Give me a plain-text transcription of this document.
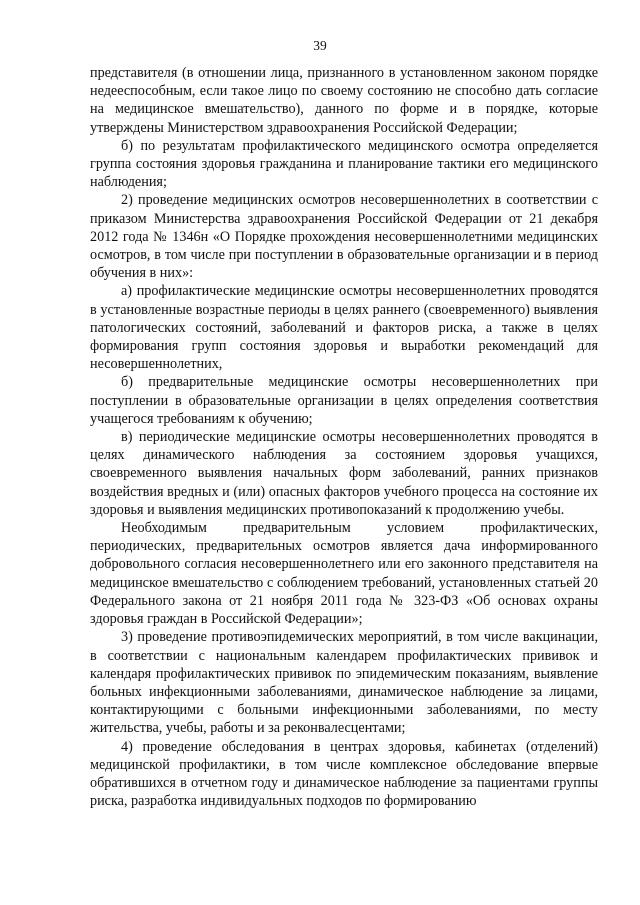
39

представителя (в отношении лица, признанного в установленном законом порядке недееспособным, если такое лицо по своему состоянию не способно дать согласие на медицинское вмешательство), данного по форме и в порядке, которые утверждены Министерством здравоохранения Российской Федерации;

б) по результатам профилактического медицинского осмотра определяется группа состояния здоровья гражданина и планирование тактики его медицинского наблюдения;

2) проведение медицинских осмотров несовершеннолетних в соответствии с приказом Министерства здравоохранения Российской Федерации от 21 декабря 2012 года № 1346н «О Порядке прохождения несовершеннолетними медицинских осмотров, в том числе при поступлении в образовательные организации и в период обучения в них»:

а) профилактические медицинские осмотры несовершеннолетних проводятся в установленные возрастные периоды в целях раннего (своевременного) выявления патологических состояний, заболеваний и факторов риска, а также в целях формирования групп состояния здоровья и выработки рекомендаций для несовершеннолетних,

б) предварительные медицинские осмотры несовершеннолетних при поступлении в образовательные организации в целях определения соответствия учащегося требованиям к обучению;

в) периодические медицинские осмотры несовершеннолетних проводятся в целях динамического наблюдения за состоянием здоровья учащихся, своевременного выявления начальных форм заболеваний, ранних признаков воздействия вредных и (или) опасных факторов учебного процесса на состояние их здоровья и выявления медицинских противопоказаний к продолжению учебы.

Необходимым предварительным условием профилактических, периодических, предварительных осмотров является дача информированного добровольного согласия несовершеннолетнего или его законного представителя на медицинское вмешательство с соблюдением требований, установленных статьей 20 Федерального закона от 21 ноября 2011 года № 323-ФЗ «Об основах охраны здоровья граждан в Российской Федерации»;

3) проведение противоэпидемических мероприятий, в том числе вакцинации, в соответствии с национальным календарем профилактических прививок и календаря профилактических прививок по эпидемическим показаниям, выявление больных инфекционными заболеваниями, динамическое наблюдение за лицами, контактирующими с больными инфекционными заболеваниями, по месту жительства, учебы, работы и за реконвалесцентами;

4) проведение обследования в центрах здоровья, кабинетах (отделений) медицинской профилактики, в том числе комплексное обследование впервые обратившихся в отчетном году и динамическое наблюдение за пациентами группы риска, разработка индивидуальных подходов по формированию
